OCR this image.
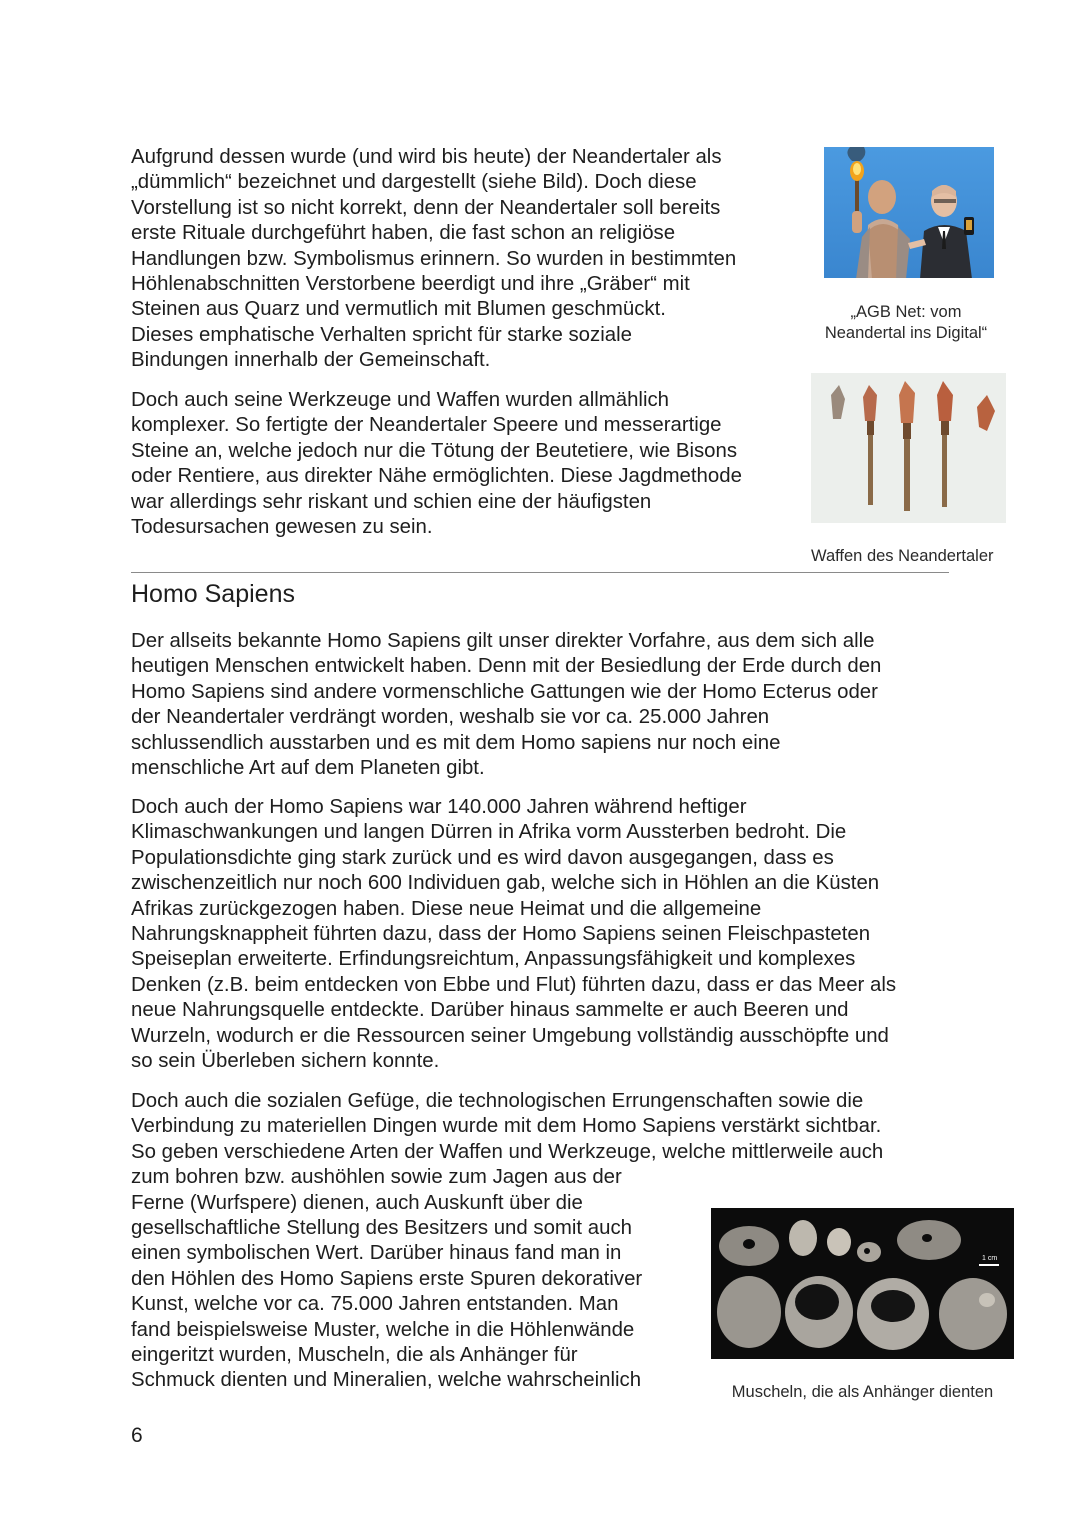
Aufgrund dessen wurde (und wird bis heute) der Neandertaler als
„dümmlich“ bezeichnet und dargestellt (siehe Bild). Doch diese
Vorstellung ist so nicht korrekt, denn der Neandertaler soll bereits
erste Rituale durchgeführt haben, die fast schon an religiöse
Handlungen bzw. Symbolismus erinnern. So wurden in bestimmten
Höhlenabschnitten Verstorbene beerdigt und ihre „Gräber“ mit
Steinen aus Quarz und vermutlich mit Blumen geschmückt.
Dieses emphatische Verhalten spricht für starke soziale
Bindungen innerhalb der Gemeinschaft.
Doch auch seine Werkzeuge und Waffen wurden allmählich
komplexer. So fertigte der Neandertaler Speere und messerartige
Steine an, welche jedoch nur die Tötung der Beutetiere, wie Bisons
oder Rentiere, aus direkter Nähe ermöglichten. Diese Jagdmethode
war allerdings sehr riskant und schien eine der häufigsten
Todesursachen gewesen zu sein.
„AGB Net: vom
Neandertal ins Digital“
Waffen des Neandertaler
Homo Sapiens
Der allseits bekannte Homo Sapiens gilt unser direkter Vorfahre, aus dem sich alle
heutigen Menschen entwickelt haben. Denn mit der Besiedlung der Erde durch den
Homo Sapiens sind andere vormenschliche Gattungen wie der Homo Ecterus oder
der Neandertaler verdrängt worden, weshalb sie vor ca. 25.000 Jahren
schlussendlich ausstarben und es mit dem Homo sapiens nur noch eine
menschliche Art auf dem Planeten gibt.
Doch auch der Homo Sapiens war 140.000 Jahren während heftiger
Klimaschwankungen und langen Dürren in Afrika vorm Aussterben bedroht. Die
Populationsdichte ging stark zurück und es wird davon ausgegangen, dass es
zwischenzeitlich nur noch 600 Individuen gab, welche sich in Höhlen an die Küsten
Afrikas zurückgezogen haben. Diese neue Heimat und die allgemeine
Nahrungsknappheit führten dazu, dass der Homo Sapiens seinen Fleischpasteten
Speiseplan erweiterte. Erfindungsreichtum, Anpassungsfähigkeit und komplexes
Denken (z.B. beim entdecken von Ebbe und Flut) führten dazu, dass er das Meer als
neue Nahrungsquelle entdeckte. Darüber hinaus sammelte er auch Beeren und
Wurzeln, wodurch er die Ressourcen seiner Umgebung vollständig ausschöpfte und
so sein Überleben sichern konnte.
Doch auch die sozialen Gefüge, die technologischen Errungenschaften sowie die
Verbindung zu materiellen Dingen wurde mit dem Homo Sapiens verstärkt sichtbar.
So geben verschiedene Arten der Waffen und Werkzeuge, welche mittlerweile auch
zum bohren bzw. aushöhlen sowie zum Jagen aus der
Ferne (Wurfspere) dienen, auch Auskunft über die
gesellschaftliche Stellung des Besitzers und somit auch
einen symbolischen Wert. Darüber hinaus fand man in
den Höhlen des Homo Sapiens erste Spuren dekorativer
Kunst, welche vor ca. 75.000 Jahren entstanden. Man
fand beispielsweise Muster, welche in die Höhlenwände
eingeritzt wurden, Muscheln, die als Anhänger für
Schmuck dienten und Mineralien, welche wahrscheinlich
1 cm
Muscheln, die als Anhänger dienten
6
